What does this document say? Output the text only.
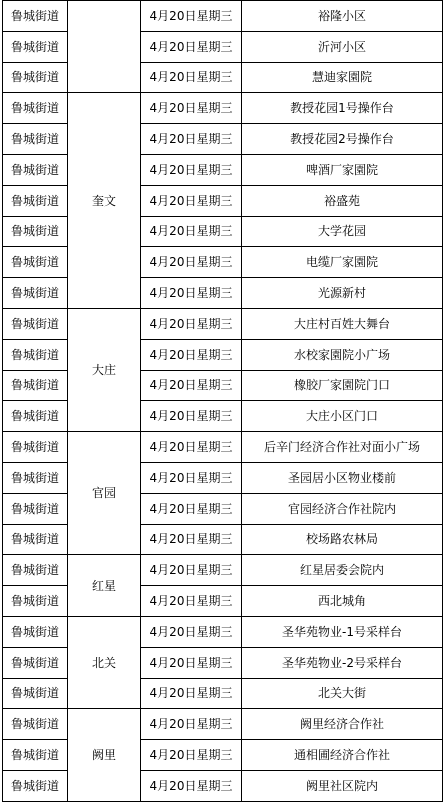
鲁城街道		4月20日星期三	裕隆小区
鲁城街道		4月20日星期三	沂河小区
鲁城街道		4月20日星期三	慧迪家園院
鲁城街道	奎文	4月20日星期三	教授花园1号操作台
鲁城街道		4月20日星期三	教授花园2号操作台
鲁城街道		4月20日星期三	啤酒厂家園院
鲁城街道		4月20日星期三	裕盛苑
鲁城街道		4月20日星期三	大学花园
鲁城街道		4月20日星期三	电缆厂家園院
鲁城街道		4月20日星期三	光源新村
鲁城街道	大庄	4月20日星期三	大庄村百姓大舞台
鲁城街道		4月20日星期三	水校家園院小广场
鲁城街道		4月20日星期三	橡胶厂家園院门口
鲁城街道		4月20日星期三	大庄小区门口
鲁城街道	官园	4月20日星期三	后辛门经济合作社对面小广场
鲁城街道		4月20日星期三	圣园居小区物业楼前
鲁城街道		4月20日星期三	官园经济合作社院内
鲁城街道		4月20日星期三	校场路农林局
鲁城街道	红星	4月20日星期三	红星居委会院内
鲁城街道		4月20日星期三	西北城角
鲁城街道	北关	4月20日星期三	圣华苑物业-1号采样台
鲁城街道		4月20日星期三	圣华苑物业-2号采样台
鲁城街道		4月20日星期三	北关大街
鲁城街道	阙里	4月20日星期三	阙里经济合作社
鲁城街道		4月20日星期三	通相圃经济合作社
鲁城街道		4月20日星期三	阙里社区院内
